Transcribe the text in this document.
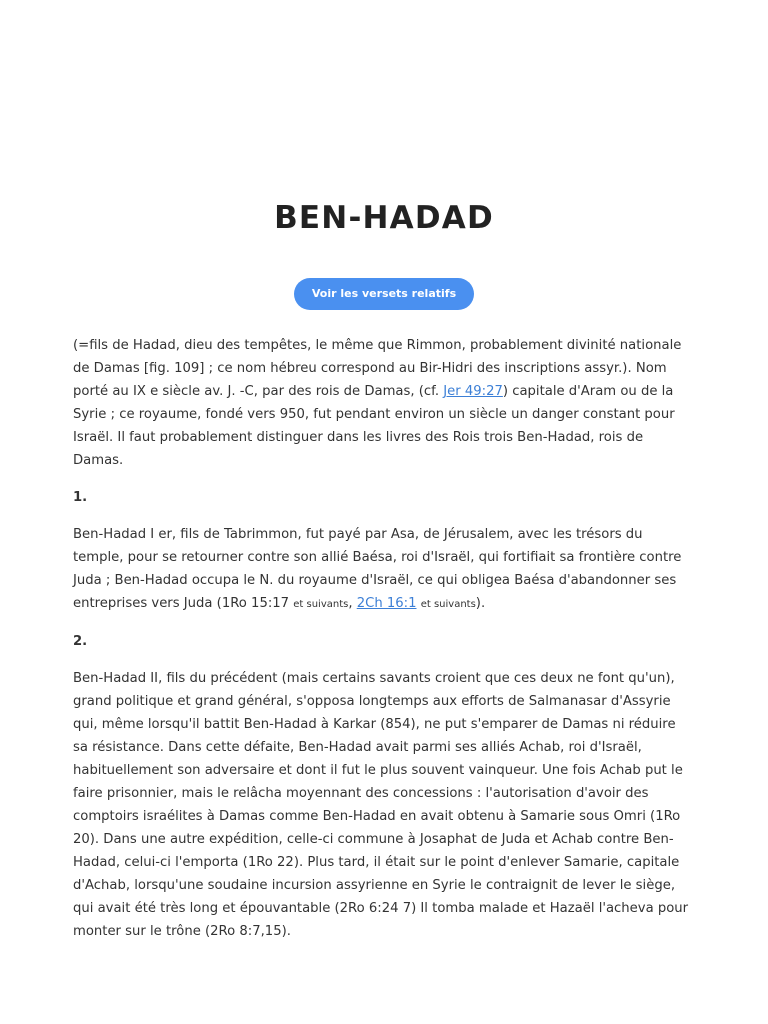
BEN-HADAD
Voir les versets relatifs

(=fils de Hadad, dieu des tempêtes, le même que Rimmon, probablement divinité nationale de Damas [fig. 109] ; ce nom hébreu correspond au Bir-Hidri des inscriptions assyr.). Nom porté au IX e siècle av. J. -C, par des rois de Damas, (cf. Jer 49:27) capitale d'Aram ou de la Syrie ; ce royaume, fondé vers 950, fut pendant environ un siècle un danger constant pour Israël. Il faut probablement distinguer dans les livres des Rois trois Ben-Hadad, rois de Damas.

1.

Ben-Hadad I er, fils de Tabrimmon, fut payé par Asa, de Jérusalem, avec les trésors du temple, pour se retourner contre son allié Baésa, roi d'Israël, qui fortifiait sa frontière contre Juda ; Ben-Hadad occupa le N. du royaume d'Israël, ce qui obligea Baésa d'abandonner ses entreprises vers Juda (1Ro 15:17 et suivants, 2Ch 16:1 et suivants).

2.

Ben-Hadad II, fils du précédent (mais certains savants croient que ces deux ne font qu'un), grand politique et grand général, s'opposa longtemps aux efforts de Salmanasar d'Assyrie qui, même lorsqu'il battit Ben-Hadad à Karkar (854), ne put s'emparer de Damas ni réduire sa résistance. Dans cette défaite, Ben-Hadad avait parmi ses alliés Achab, roi d'Israël, habituellement son adversaire et dont il fut le plus souvent vainqueur. Une fois Achab put le faire prisonnier, mais le relâcha moyennant des concessions : l'autorisation d'avoir des comptoirs israélites à Damas comme Ben-Hadad en avait obtenu à Samarie sous Omri (1Ro 20). Dans une autre expédition, celle-ci commune à Josaphat de Juda et Achab contre Ben-Hadad, celui-ci l'emporta (1Ro 22). Plus tard, il était sur le point d'enlever Samarie, capitale d'Achab, lorsqu'une soudaine incursion assyrienne en Syrie le contraignit de lever le siège, qui avait été très long et épouvantable (2Ro 6:24 7) Il tomba malade et Hazaël l'acheva pour monter sur le trône (2Ro 8:7,15).
